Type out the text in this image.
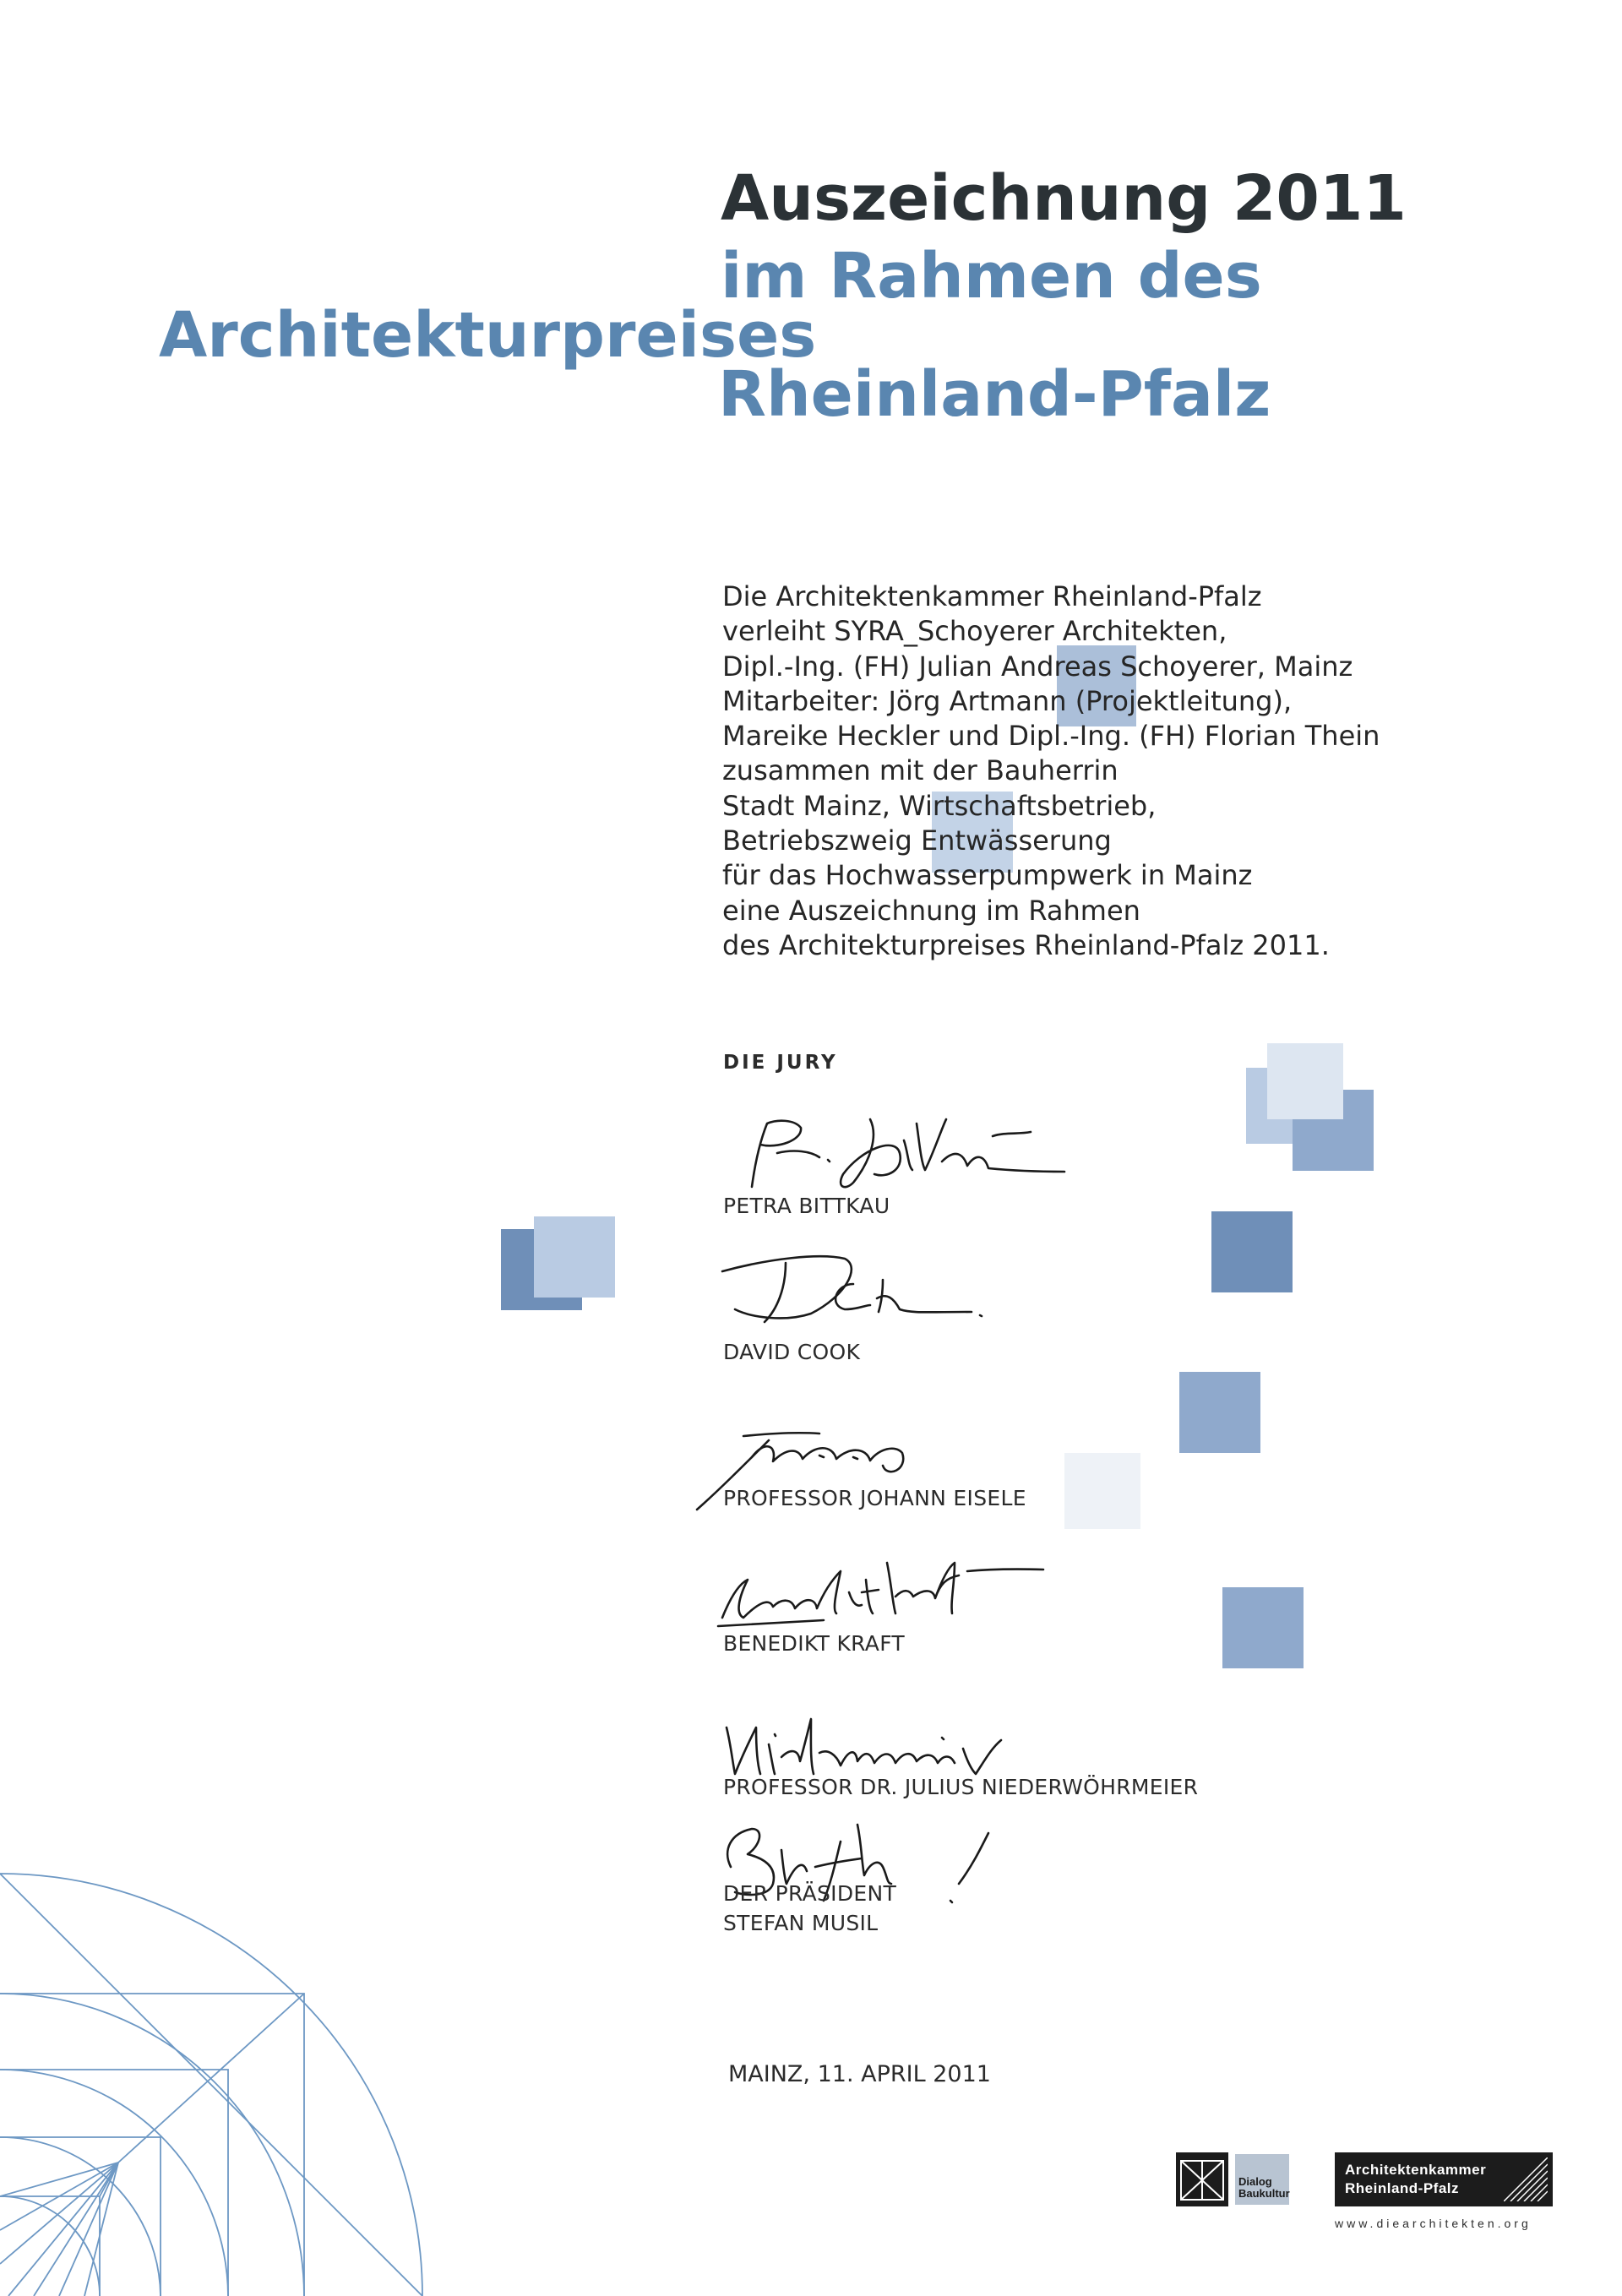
Auszeichnung 2011
im Rahmen des
Architekturpreises
Rheinland-Pfalz
Die Architektenkammer Rheinland-Pfalz
verleiht SYRA_Schoyerer Architekten,
Dipl.-Ing. (FH) Julian Andreas Schoyerer, Mainz
Mitarbeiter: Jörg Artmann (Projektleitung),
Mareike Heckler und Dipl.-Ing. (FH) Florian Thein
zusammen mit der Bauherrin
Stadt Mainz, Wirtschaftsbetrieb,
Betriebszweig Entwässerung
für das Hochwasserpumpwerk in Mainz
eine Auszeichnung im Rahmen
des Architekturpreises Rheinland-Pfalz 2011.
DIE JURY
PETRA BITTKAU
DAVID COOK
PROFESSOR JOHANN EISELE
BENEDIKT KRAFT
PROFESSOR DR. JULIUS NIEDERWÖHRMEIER
DER PRÄSIDENT
STEFAN MUSIL
MAINZ, 11. APRIL 2011
Dialog
Baukultur
Architektenkammer
Rheinland-Pfalz
www.diearchitekten.org
